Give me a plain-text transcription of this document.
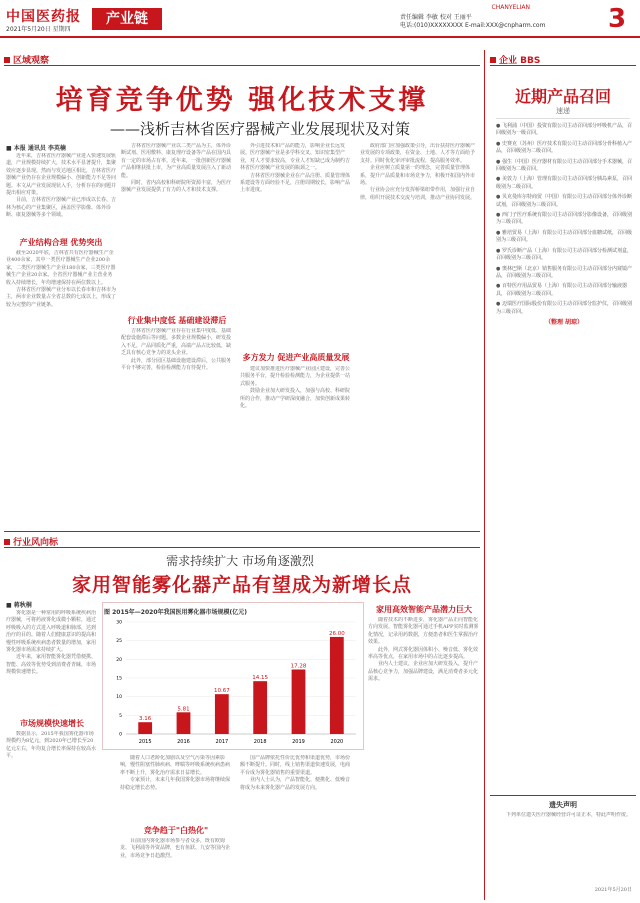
中国医药报
2021年5月20日 星期四
产业链
CHANYELIAN
责任编辑 李敏 校对 王丽平
电话:(010)XXXXXXXX E-mail:XXX@cnpharm.com	3
区域观察
培育竞争优势 强化技术支撑
——浅析吉林省医疗器械产业发展现状及对策
■ 本报 通讯员 李英楠

近年来，吉林省医疗器械产业进入快速发展轨道，产业规模持续扩大，技术水平显著提升，集聚效应逐步显现。然而与发达地区相比，吉林省医疗器械产业仍存在企业规模偏小、创新能力不足等问题。本文从产业发展现状入手，分析存在的问题并提出相应对策。

目前，吉林省医疗器械产业已形成以长春、吉林为核心的产业集聚区，涵盖医学影像、体外诊断、康复器械等多个领域。

产业结构合理 优势突出

截至2020年底，吉林省共有医疗器械生产企业400余家，其中一类医疗器械生产企业200余家，二类医疗器械生产企业180余家，三类医疗器械生产企业20余家。全省医疗器械产业主营业务收入持续增长，年均增速保持在两位数以上。

吉林省医疗器械产业分布以长春市和吉林市为主，两市企业数量占全省总数的七成以上，形成了较为完整的产业链条。

吉林省医疗器械产业以二类产品为主，体外诊断试剂、医用敷料、康复理疗设备等产品在国内具有一定的市场占有率。近年来，一批创新医疗器械产品相继获批上市，为产业高质量发展注入了新动能。

同时，省内高校和科研院所资源丰富，为医疗器械产业发展提供了有力的人才和技术支撑。

行业集中度低 基础建设滞后

吉林省医疗器械产业存在行业集中度低、基础配套设施滞后等问题。多数企业规模偏小，研发投入不足，产品同质化严重，高端产品占比较低，缺乏具有核心竞争力的龙头企业。

此外，部分园区基础设施建设滞后，公共服务平台不够完善，检验检测能力有待提升。

外引进技术和产品的能力，影响企业长远发展。医疗器械产业是多学科交叉、知识密集型产业，对人才要求较高，专业人才短缺已成为制约吉林省医疗器械产业发展的瓶颈之一。

吉林省医疗器械企业在产品注册、质量管理体系建设等方面经验不足，注册周期较长，影响产品上市进度。

多方发力 促进产业高质量发展

建议加快推进医疗器械产业园区建设，完善公共服务平台，提升检验检测能力，为企业提供一站式服务。

鼓励企业加大研发投入，加强与高校、科研院所的合作，推动产学研深度融合，加快创新成果转化。

政府部门应加强政策引导，出台扶持医疗器械产业发展的专项政策，在资金、土地、人才等方面给予支持。同时优化审评审批流程，提高服务效率。

企业应树立质量第一的理念，完善质量管理体系，提升产品质量和市场竞争力，积极开拓国内外市场。

行业协会应充分发挥桥梁纽带作用，加强行业自律，组织开展技术交流与培训，推动产业协同发展。

企业 BBS
近期产品召回
速递
● 飞利浦（中国）投资有限公司主动召回部分呼吸机产品，召回级别为一级召回。
● 史赛克（苏州）医疗技术有限公司主动召回部分骨科植入产品，召回级别为二级召回。
● 强生（中国）医疗器材有限公司主动召回部分手术器械，召回级别为二级召回。
● 美敦力（上海）管理有限公司主动召回部分胰岛素泵，召回级别为二级召回。
● 贝克曼库尔特商贸（中国）有限公司主动召回部分体外诊断试剂，召回级别为三级召回。
● 西门子医疗系统有限公司主动召回部分影像设备，召回级别为三级召回。
● 雅培贸易（上海）有限公司主动召回部分血糖试纸，召回级别为三级召回。
● 罗氏诊断产品（上海）有限公司主动召回部分检测试剂盒，召回级别为三级召回。
● 奥林巴斯（北京）销售服务有限公司主动召回部分内窥镜产品，召回级别为三级召回。
● 百特医疗用品贸易（上海）有限公司主动召回部分输液器具，召回级别为三级召回。
● 迈瑞医疗国际股份有限公司主动召回部分监护仪，召回级别为三级召回。
（整理 胡琼）
遗失声明

下列单位遗失医疗器械经营许可证正本，特此声明作废。

2021年5月20日
行业风向标
需求持续扩大 市场角逐激烈
家用智能雾化器产品有望成为新增长点
■ 蒋秋桐

雾化器是一种常用的呼吸系统疾病治疗器械，可将药液雾化成微小颗粒，通过呼吸吸入的方式进入呼吸道和肺部，达到治疗的目的。随着人们健康意识的提高和慢性呼吸系统疾病患者数量的增加，家用雾化器市场需求持续扩大。

近年来，家用智能雾化器凭借便携、智能、高效等优势受到消费者青睐，市场规模快速增长。

市场规模快速增长

数据显示，2015年我国雾化器市场规模约为8亿元，到2020年已增长至20亿元左右，年均复合增长率保持在较高水平。

图 2015年—2020年我国医用雾化器市场规模(亿元)
0
5
10
15
20
25
30
3.16
2015
5.81
2016
10.67
2017
14.15
2018
17.28
2019
26.00
2020

随着人口老龄化加剧以及空气污染等因素影响，慢性阻塞性肺疾病、哮喘等呼吸系统疾病患病率不断上升，雾化治疗需求日益增长。

专家预计，未来几年我国雾化器市场将继续保持稳定增长态势。

竞争趋于"白热化"

目前国内雾化器市场参与者众多，既有欧姆龙、飞利浦等外资品牌，也有鱼跃、九安等国内企业，市场竞争日趋激烈。

国产品牌依托性价比优势和渠道优势，市场份额不断提升。同时，线上销售渠道快速发展，电商平台成为雾化器销售的重要渠道。

业内人士认为，产品智能化、便携化、低噪音将成为未来雾化器产品的发展方向。

家用高效智能产品潜力巨大

随着技术的不断进步，雾化器产品正向智能化方向发展。智能雾化器可通过手机APP实时监测雾化情况，记录用药数据，方便患者和医生掌握治疗效果。

此外，网式雾化器因体积小、噪音低、雾化效率高等优点，在家用市场中的占比逐步提高。

业内人士建议，企业应加大研发投入，提升产品核心竞争力，加强品牌建设，满足消费者多元化需求。
